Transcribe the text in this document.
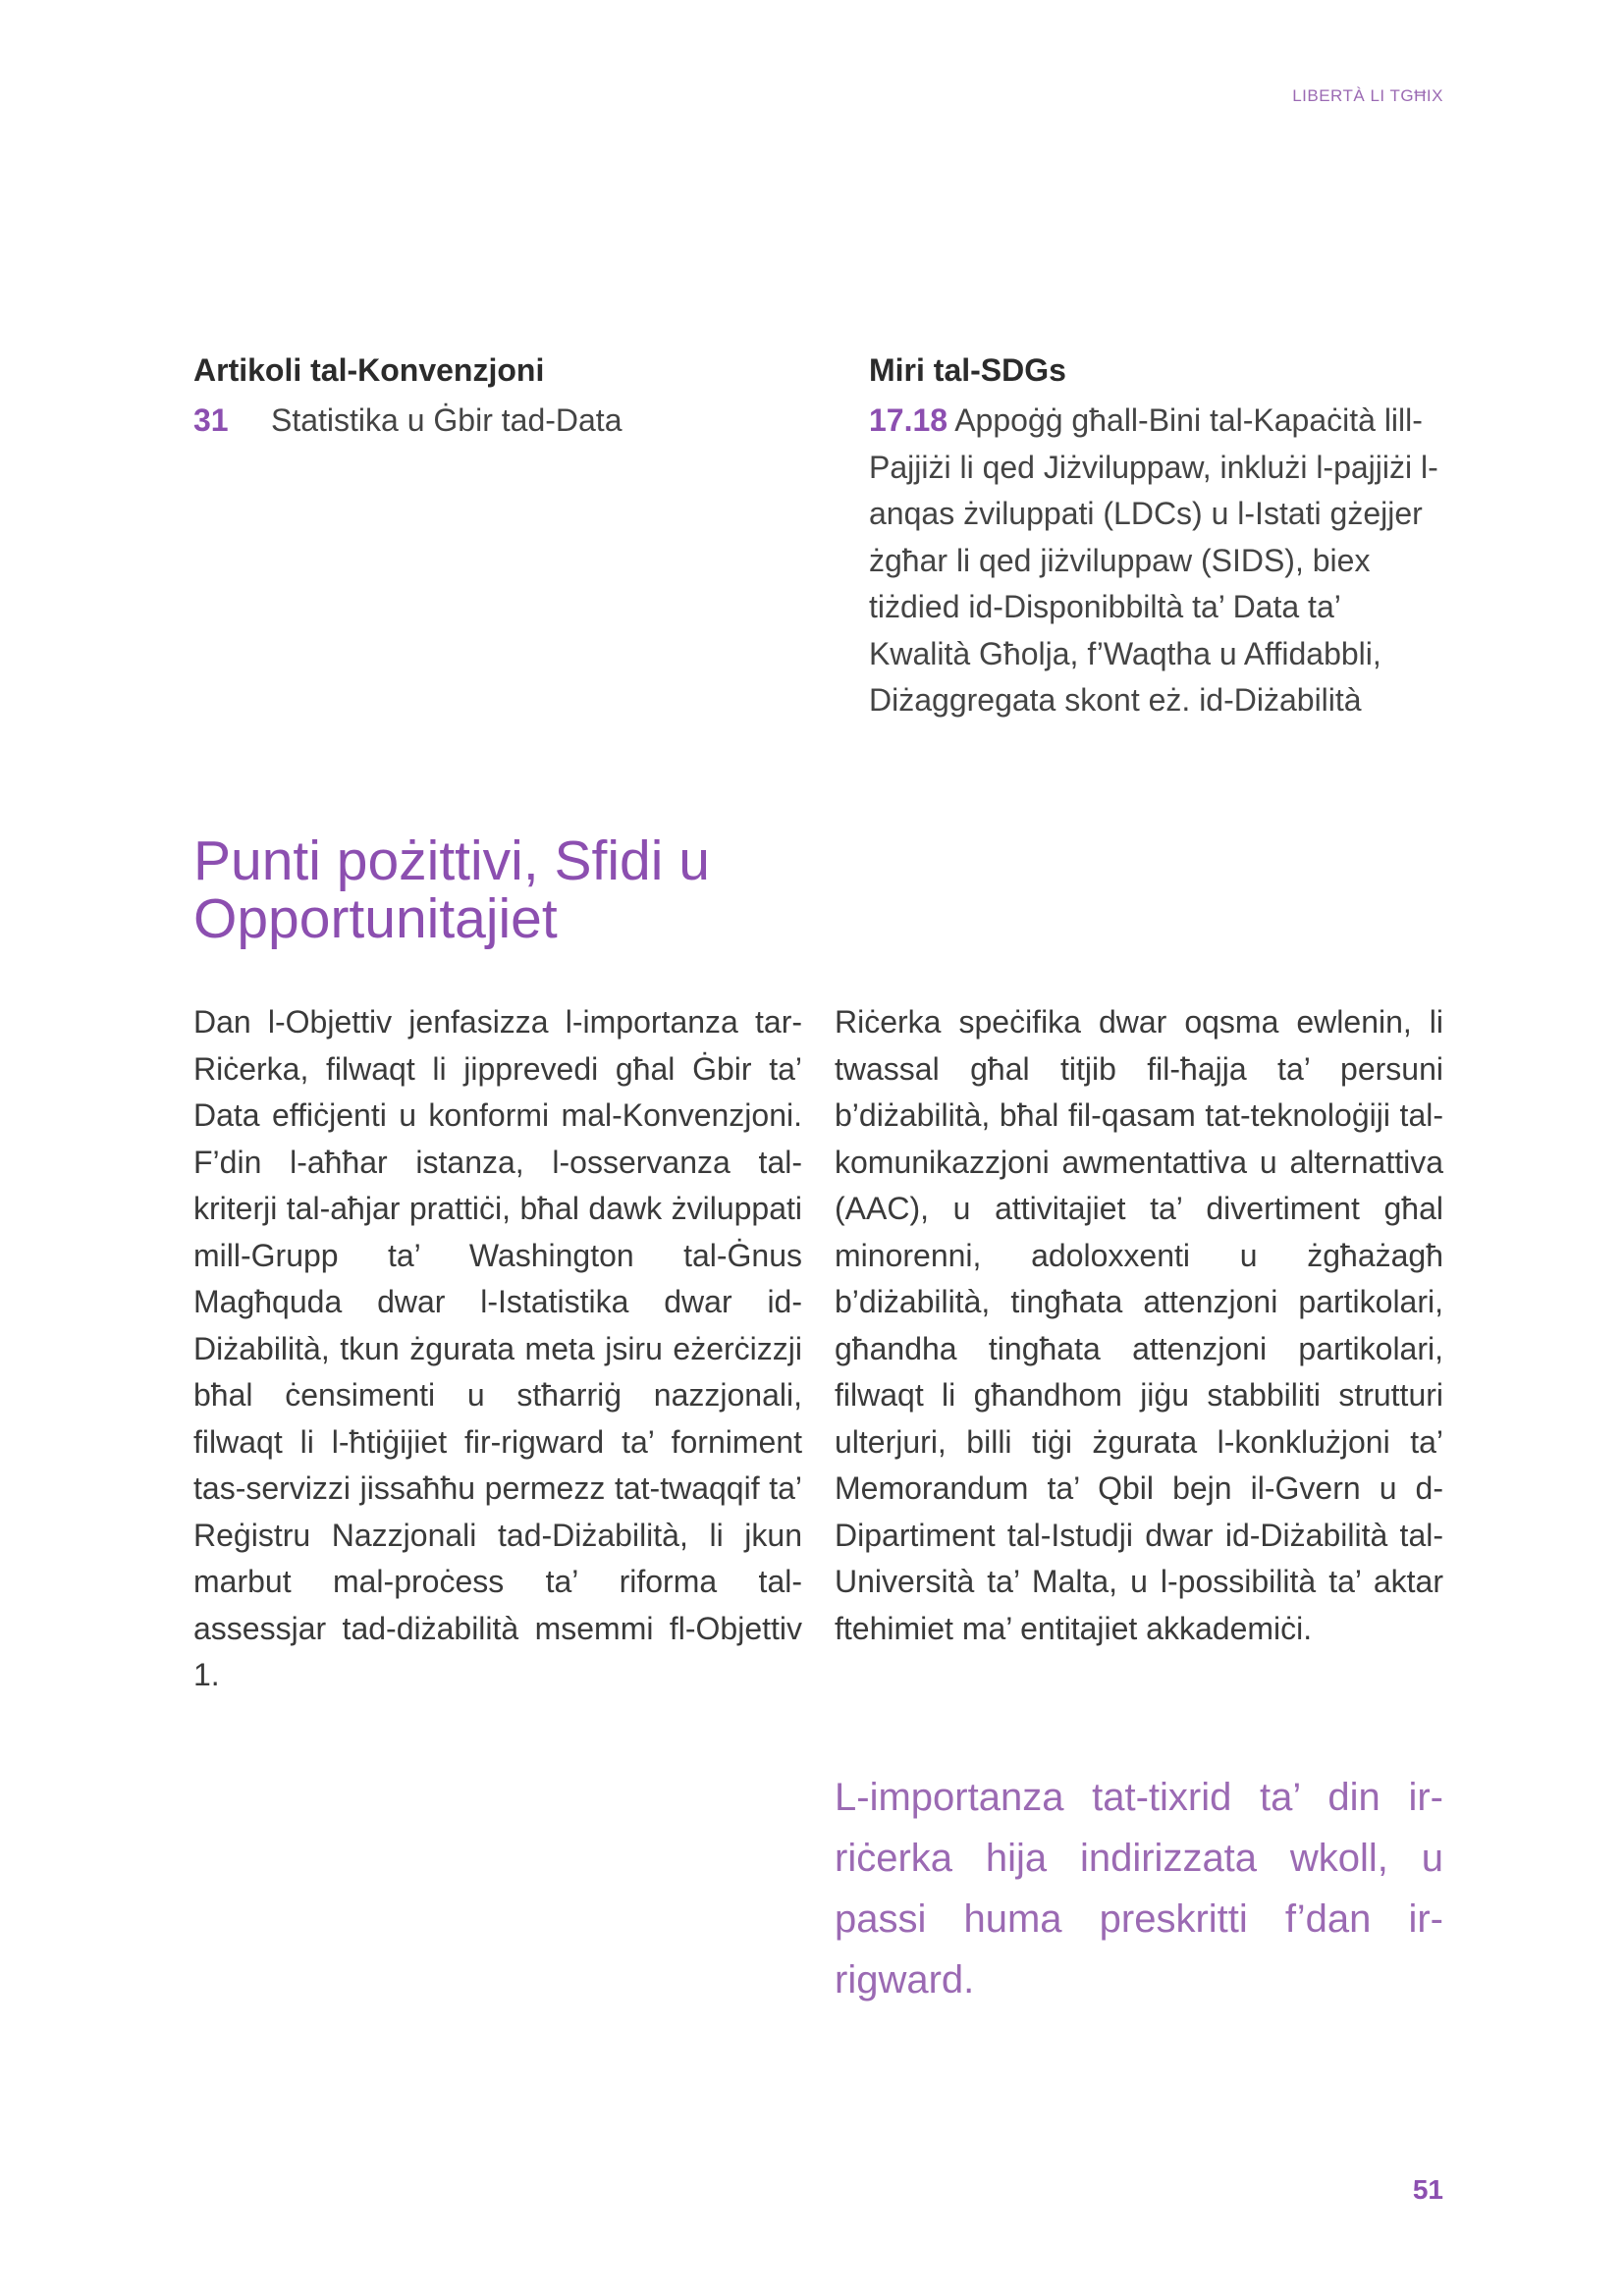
LIBERTÀ LI TGĦIX
Artikoli tal-Konvenzjoni
31 Statistika u Ġbir tad-Data
Miri tal-SDGs
17.18 Appoġġ għall-Bini tal-Kapaċità lill-Pajjiżi li qed Jiżviluppaw, inklużi l-pajjiżi l-anqas żviluppati (LDCs) u l-Istati gżejjer żgħar li qed jiżviluppaw (SIDS), biex tiżdied id-Disponibbiltà ta’ Data ta’ Kwalità Għolja, f’Waqtha u Affidabbli, Diżaggregata skont eż. id-Diżabilità
Punti pożittivi, Sfidi u Opportunitajiet

Dan l-Objettiv jenfasizza l-importanza tar-Riċerka, filwaqt li jipprevedi għal Ġbir ta’ Data effiċjenti u konformi mal-Konvenzjoni. F’din l-aħħar istanza, l-osservanza tal-kriterji tal-aħjar prattiċi, bħal dawk żviluppati mill-Grupp ta’ Washington tal-Ġnus Magħquda dwar l-Istatistika dwar id-Diżabilità, tkun żgurata meta jsiru eżerċizzji bħal ċensimenti u stħarriġ nazzjonali, filwaqt li l-ħtiġijiet fir-rigward ta’ forniment tas-servizzi jissaħħu permezz tat-twaqqif ta’ Reġistru Nazzjonali tad-Diżabilità, li jkun marbut mal-proċess ta’ riforma tal-assessjar tad-diżabilità msemmi fl-Objettiv 1.

Riċerka speċifika dwar oqsma ewlenin, li twassal għal titjib fil-ħajja ta’ persuni b’diżabilità, bħal fil-qasam tat-teknoloġiji tal-komunikazzjoni awmentattiva u alternattiva (AAC), u attivitajiet ta’ divertiment għal minorenni, adoloxxenti u żgħażagħ b’diżabilità, tingħata attenzjoni partikolari, għandha tingħata attenzjoni partikolari, filwaqt li għandhom jiġu stabbiliti strutturi ulterjuri, billi tiġi żgurata l-konklużjoni ta’ Memorandum ta’ Qbil bejn il-Gvern u d-Dipartiment tal-Istudji dwar id-Diżabilità tal-Università ta’ Malta, u l-possibilità ta’ aktar ftehimiet ma’ entitajiet akkademiċi.

L-importanza tat-tixrid ta’ din ir-riċerka hija indirizzata wkoll, u passi huma preskritti f’dan ir-rigward.

51
